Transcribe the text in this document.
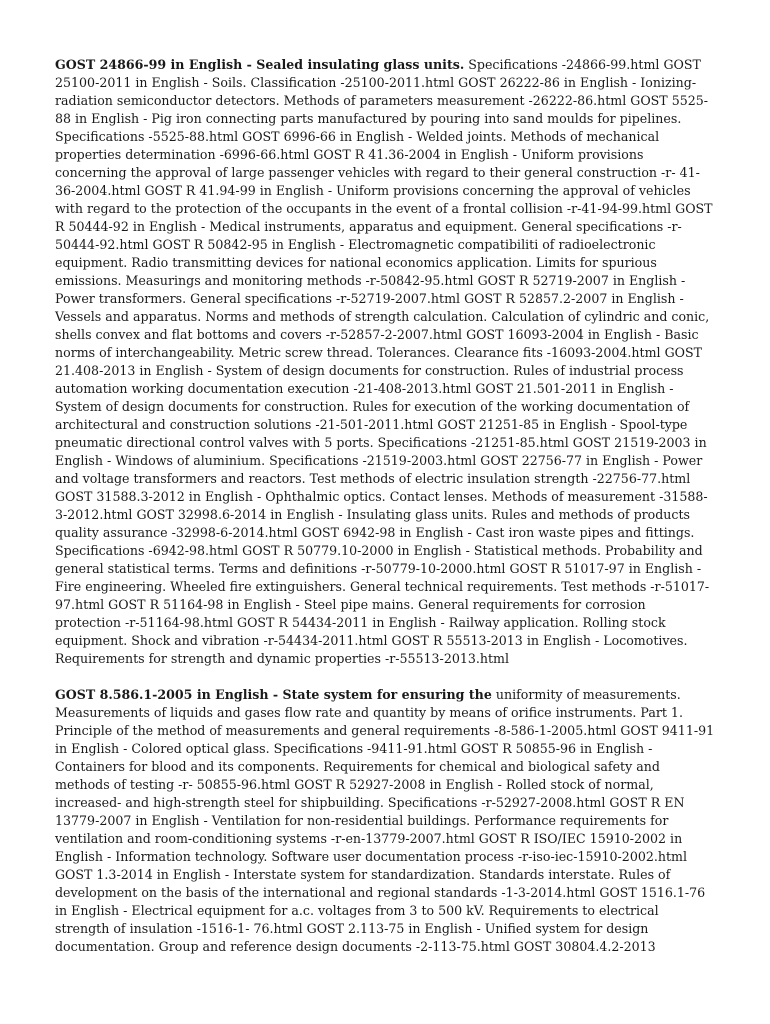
GOST 24866-99 in English - Sealed insulating glass units. Specifications -24866-99.html GOST 25100-2011 in English - Soils. Classification -25100-2011.html GOST 26222-86 in English - Ionizing-radiation semiconductor detectors. Methods of parameters measurement -26222-86.html GOST 5525-88 in English - Pig iron connecting parts manufactured by pouring into sand moulds for pipelines. Specifications -5525-88.html GOST 6996-66 in English - Welded joints. Methods of mechanical properties determination -6996-66.html GOST R 41.36-2004 in English - Uniform provisions concerning the approval of large passenger vehicles with regard to their general construction -r- 41-36-2004.html GOST R 41.94-99 in English - Uniform provisions concerning the approval of vehicles with regard to the protection of the occupants in the event of a frontal collision -r-41-94-99.html GOST R 50444-92 in English - Medical instruments, apparatus and equipment. General specifications -r-50444-92.html GOST R 50842-95 in English - Electromagnetic compatibiliti of radioelectronic equipment. Radio transmitting devices for national economics application. Limits for spurious emissions. Measurings and monitoring methods -r-50842-95.html GOST R 52719-2007 in English - Power transformers. General specifications -r-52719-2007.html GOST R 52857.2-2007 in English - Vessels and apparatus. Norms and methods of strength calculation. Calculation of cylindric and conic, shells convex and flat bottoms and covers -r-52857-2-2007.html GOST 16093-2004 in English - Basic norms of interchangeability. Metric screw thread. Tolerances. Clearance fits -16093-2004.html GOST 21.408-2013 in English - System of design documents for construction. Rules of industrial process automation working documentation execution -21-408-2013.html GOST 21.501-2011 in English - System of design documents for construction. Rules for execution of the working documentation of architectural and construction solutions -21-501-2011.html GOST 21251-85 in English - Spool-type pneumatic directional control valves with 5 ports. Specifications -21251-85.html GOST 21519-2003 in English - Windows of aluminium. Specifications -21519-2003.html GOST 22756-77 in English - Power and voltage transformers and reactors. Test methods of electric insulation strength -22756-77.html GOST 31588.3-2012 in English - Ophthalmic optics. Contact lenses. Methods of measurement -31588-3-2012.html GOST 32998.6-2014 in English - Insulating glass units. Rules and methods of products quality assurance -32998-6-2014.html GOST 6942-98 in English - Cast iron waste pipes and fittings. Specifications -6942-98.html GOST R 50779.10-2000 in English - Statistical methods. Probability and general statistical terms. Terms and definitions -r-50779-10-2000.html GOST R 51017-97 in English - Fire engineering. Wheeled fire extinguishers. General technical requirements. Test methods -r-51017-97.html GOST R 51164-98 in English - Steel pipe mains. General requirements for corrosion protection -r-51164-98.html GOST R 54434-2011 in English - Railway application. Rolling stock equipment. Shock and vibration -r-54434-2011.html GOST R 55513-2013 in English - Locomotives. Requirements for strength and dynamic properties -r-55513-2013.html

GOST 8.586.1-2005 in English - State system for ensuring the uniformity of measurements. Measurements of liquids and gases flow rate and quantity by means of orifice instruments. Part 1. Principle of the method of measurements and general requirements -8-586-1-2005.html GOST 9411-91 in English - Colored optical glass. Specifications -9411-91.html GOST R 50855-96 in English - Containers for blood and its components. Requirements for chemical and biological safety and methods of testing -r- 50855-96.html GOST R 52927-2008 in English - Rolled stock of normal, increased- and high-strength steel for shipbuilding. Specifications -r-52927-2008.html GOST R EN 13779-2007 in English - Ventilation for non-residential buildings. Performance requirements for ventilation and room-conditioning systems -r-en-13779-2007.html GOST R ISO/IEC 15910-2002 in English - Information technology. Software user documentation process -r-iso-iec-15910-2002.html GOST 1.3-2014 in English - Interstate system for standardization. Standards interstate. Rules of development on the basis of the international and regional standards -1-3-2014.html GOST 1516.1-76 in English - Electrical equipment for a.c. voltages from 3 to 500 kV. Requirements to electrical strength of insulation -1516-1- 76.html GOST 2.113-75 in English - Unified system for design documentation. Group and reference design documents -2-113-75.html GOST 30804.4.2-2013
